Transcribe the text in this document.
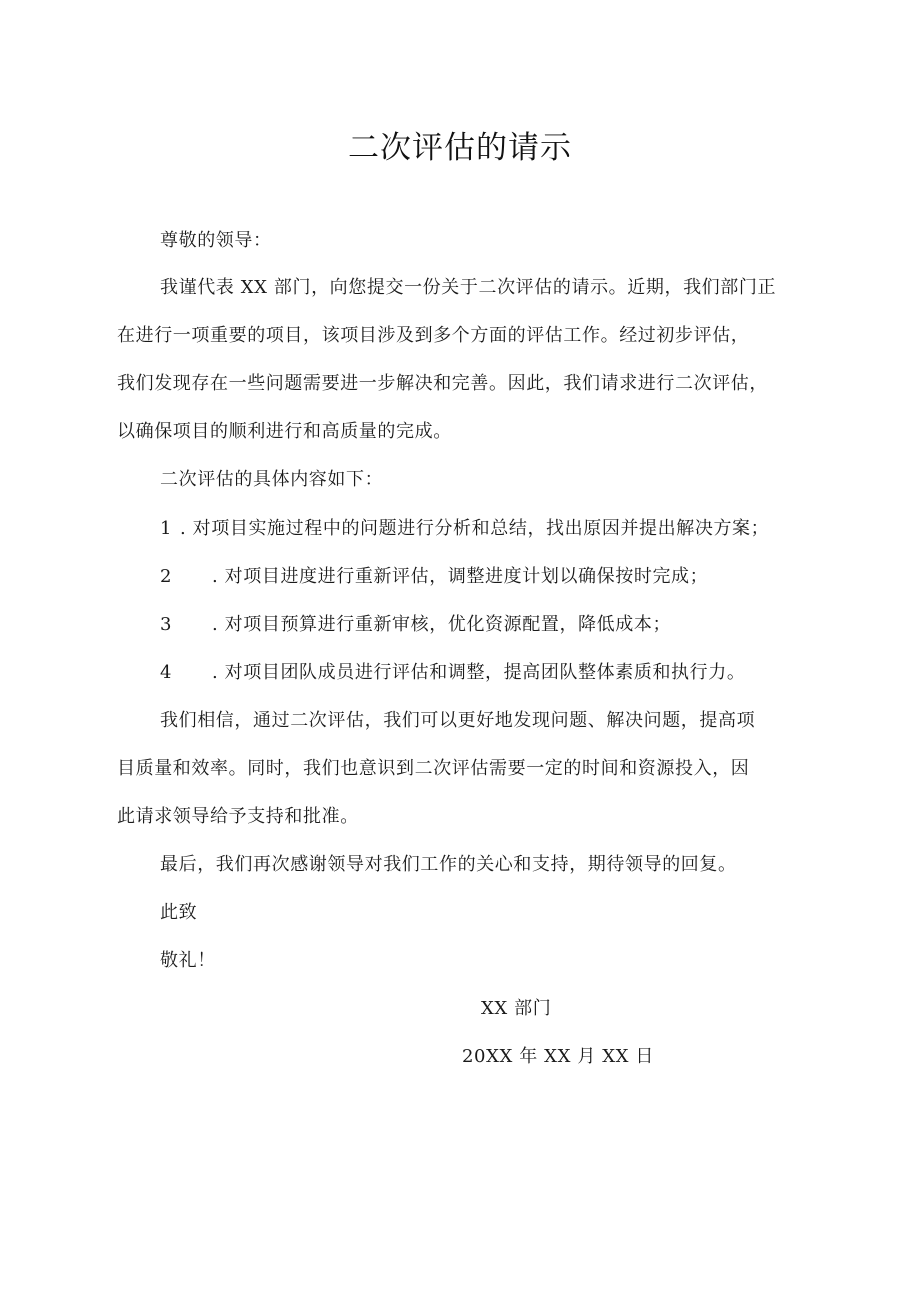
二次评估的请示
尊敬的领导：
我谨代表 XX 部门，向您提交一份关于二次评估的请示。近期，我们部门正
在进行一项重要的项目，该项目涉及到多个方面的评估工作。经过初步评估，
我们发现存在一些问题需要进一步解决和完善。因此，我们请求进行二次评估，
以确保项目的顺利进行和高质量的完成。
二次评估的具体内容如下：
1 . 对项目实施过程中的问题进行分析和总结，找出原因并提出解决方案；
2 . 对项目进度进行重新评估，调整进度计划以确保按时完成；
3 . 对项目预算进行重新审核，优化资源配置，降低成本；
4 . 对项目团队成员进行评估和调整，提高团队整体素质和执行力。
我们相信，通过二次评估，我们可以更好地发现问题、解决问题，提高项
目质量和效率。同时，我们也意识到二次评估需要一定的时间和资源投入，因
此请求领导给予支持和批准。
最后，我们再次感谢领导对我们工作的关心和支持，期待领导的回复。
此致
敬礼！
XX 部门
20XX 年 XX 月 XX 日
